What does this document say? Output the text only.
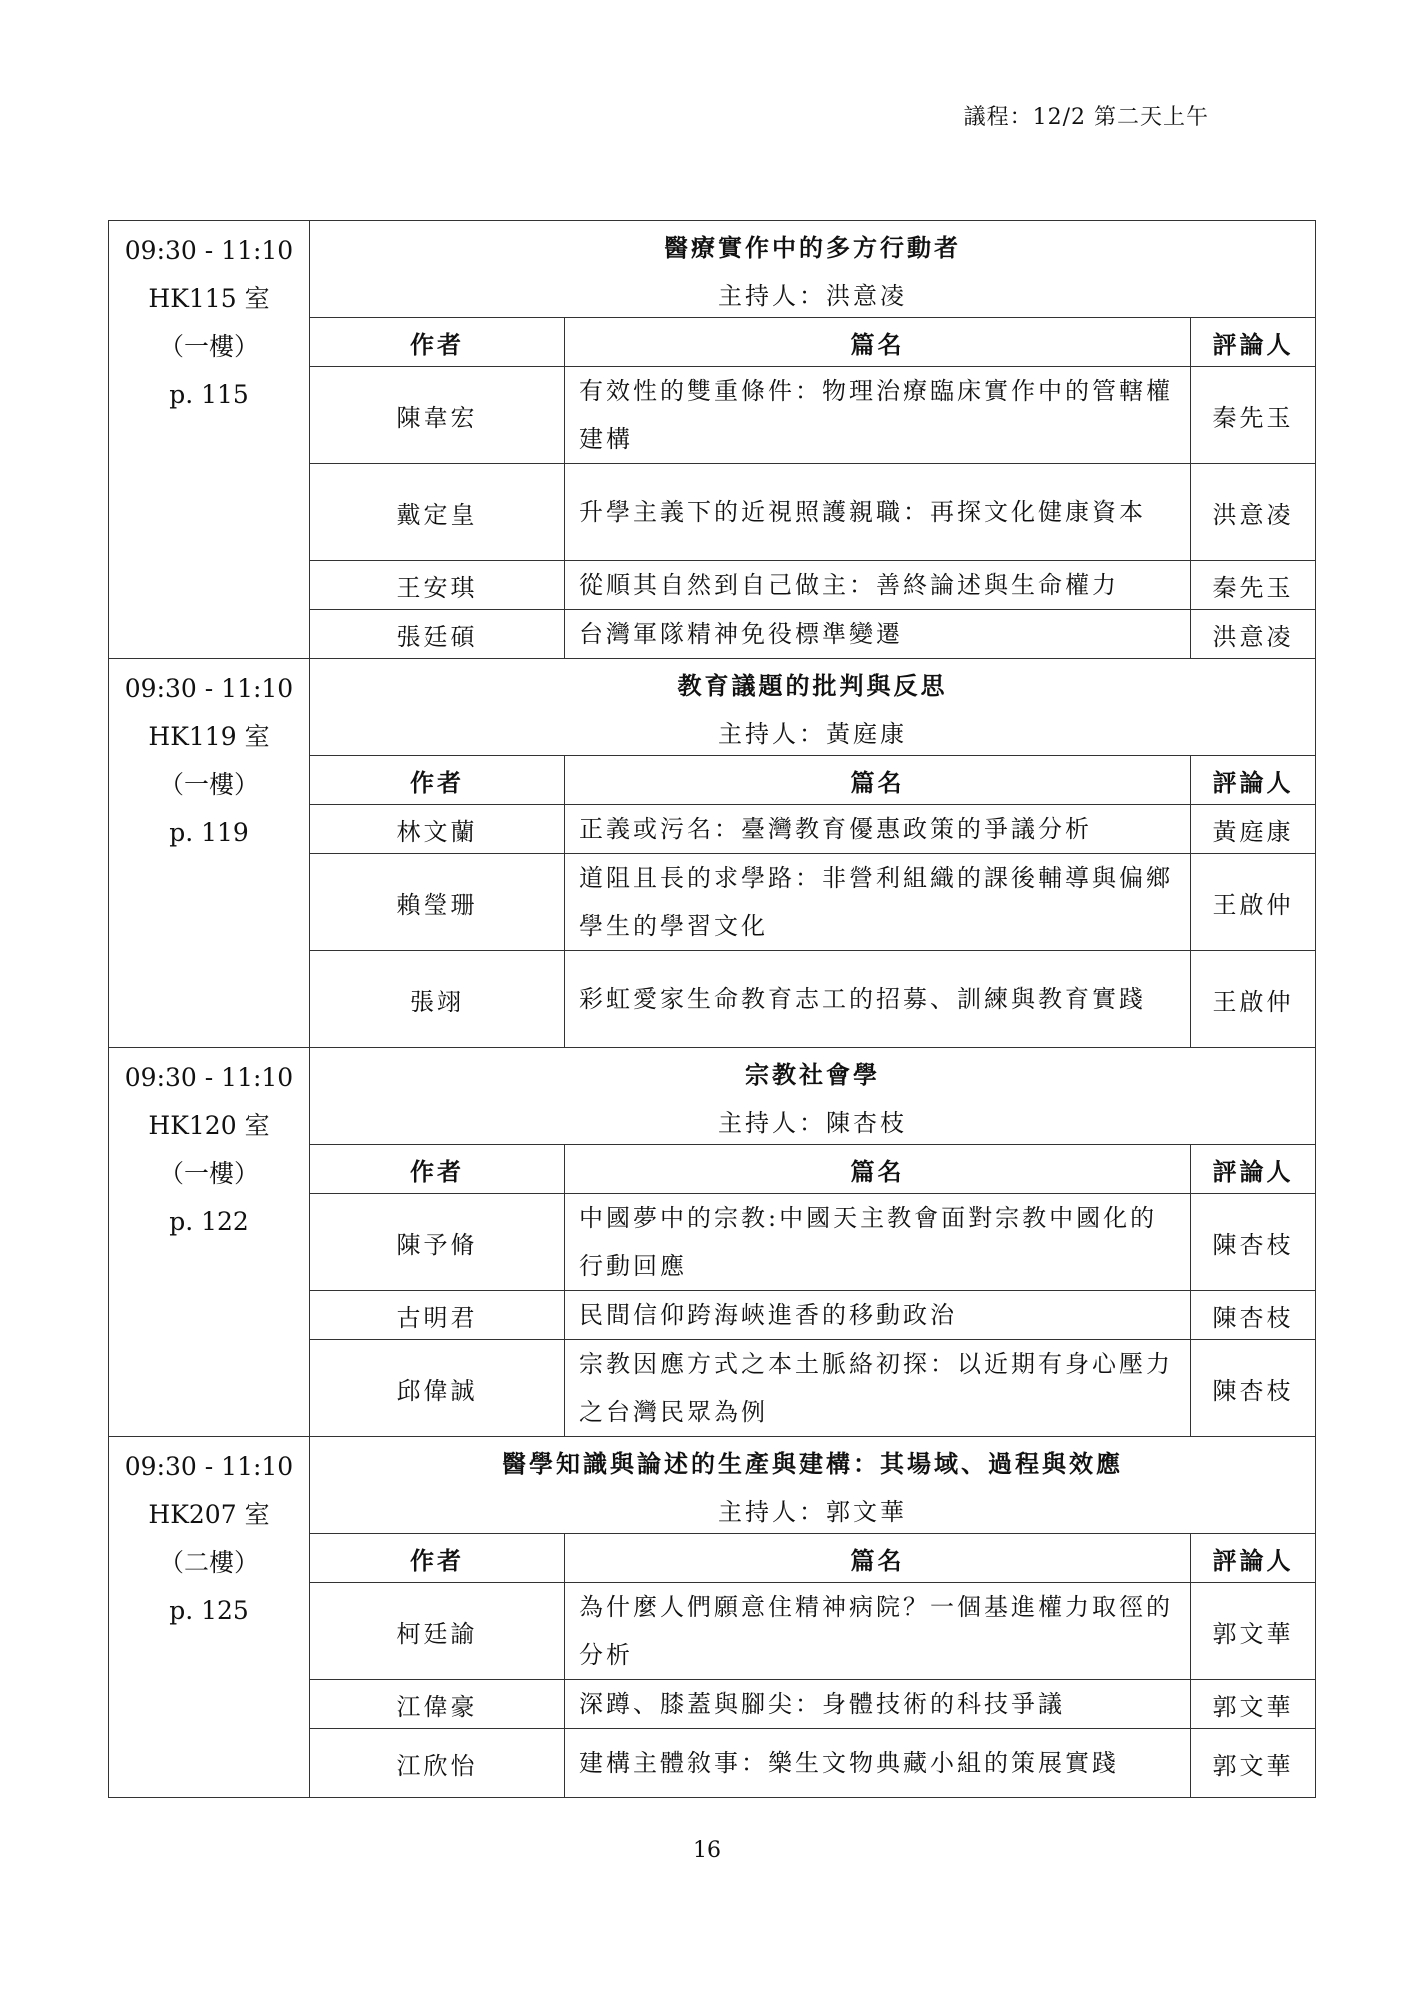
議程：12/2 第二天上午
09:30 - 11:10
HK115 室
（一樓）
p. 115	醫療實作中的多方行動者		
	主持人：洪意凌		
	作者	篇名	評論人
	陳韋宏	有效性的雙重條件：物理治療臨床實作中的管轄權建構	秦先玉
	戴定皇	升學主義下的近視照護親職：再探文化健康資本	洪意凌
	王安琪	從順其自然到自己做主：善終論述與生命權力	秦先玉
	張廷碩	台灣軍隊精神免役標準變遷	洪意凌

09:30 - 11:10
HK119 室
（一樓）
p. 119	教育議題的批判與反思		
	主持人：黃庭康		
	作者	篇名	評論人
	林文蘭	正義或污名：臺灣教育優惠政策的爭議分析	黃庭康
	賴瑩珊	道阻且長的求學路：非營利組織的課後輔導與偏鄉學生的學習文化	王啟仲
	張翊	彩虹愛家生命教育志工的招募、訓練與教育實踐	王啟仲

09:30 - 11:10
HK120 室
（一樓）
p. 122	宗教社會學		
	主持人：陳杏枝		
	作者	篇名	評論人
	陳予脩	中國夢中的宗教:中國天主教會面對宗教中國化的行動回應	陳杏枝
	古明君	民間信仰跨海峽進香的移動政治	陳杏枝
	邱偉誠	宗教因應方式之本土脈絡初探：以近期有身心壓力之台灣民眾為例	陳杏枝

09:30 - 11:10
HK207 室
（二樓）
p. 125	醫學知識與論述的生產與建構：其場域、過程與效應		
	主持人：郭文華		
	作者	篇名	評論人
	柯廷諭	為什麼人們願意住精神病院？一個基進權力取徑的分析	郭文華
	江偉豪	深蹲、膝蓋與腳尖：身體技術的科技爭議	郭文華
	江欣怡	建構主體敘事：樂生文物典藏小組的策展實踐	郭文華
16
